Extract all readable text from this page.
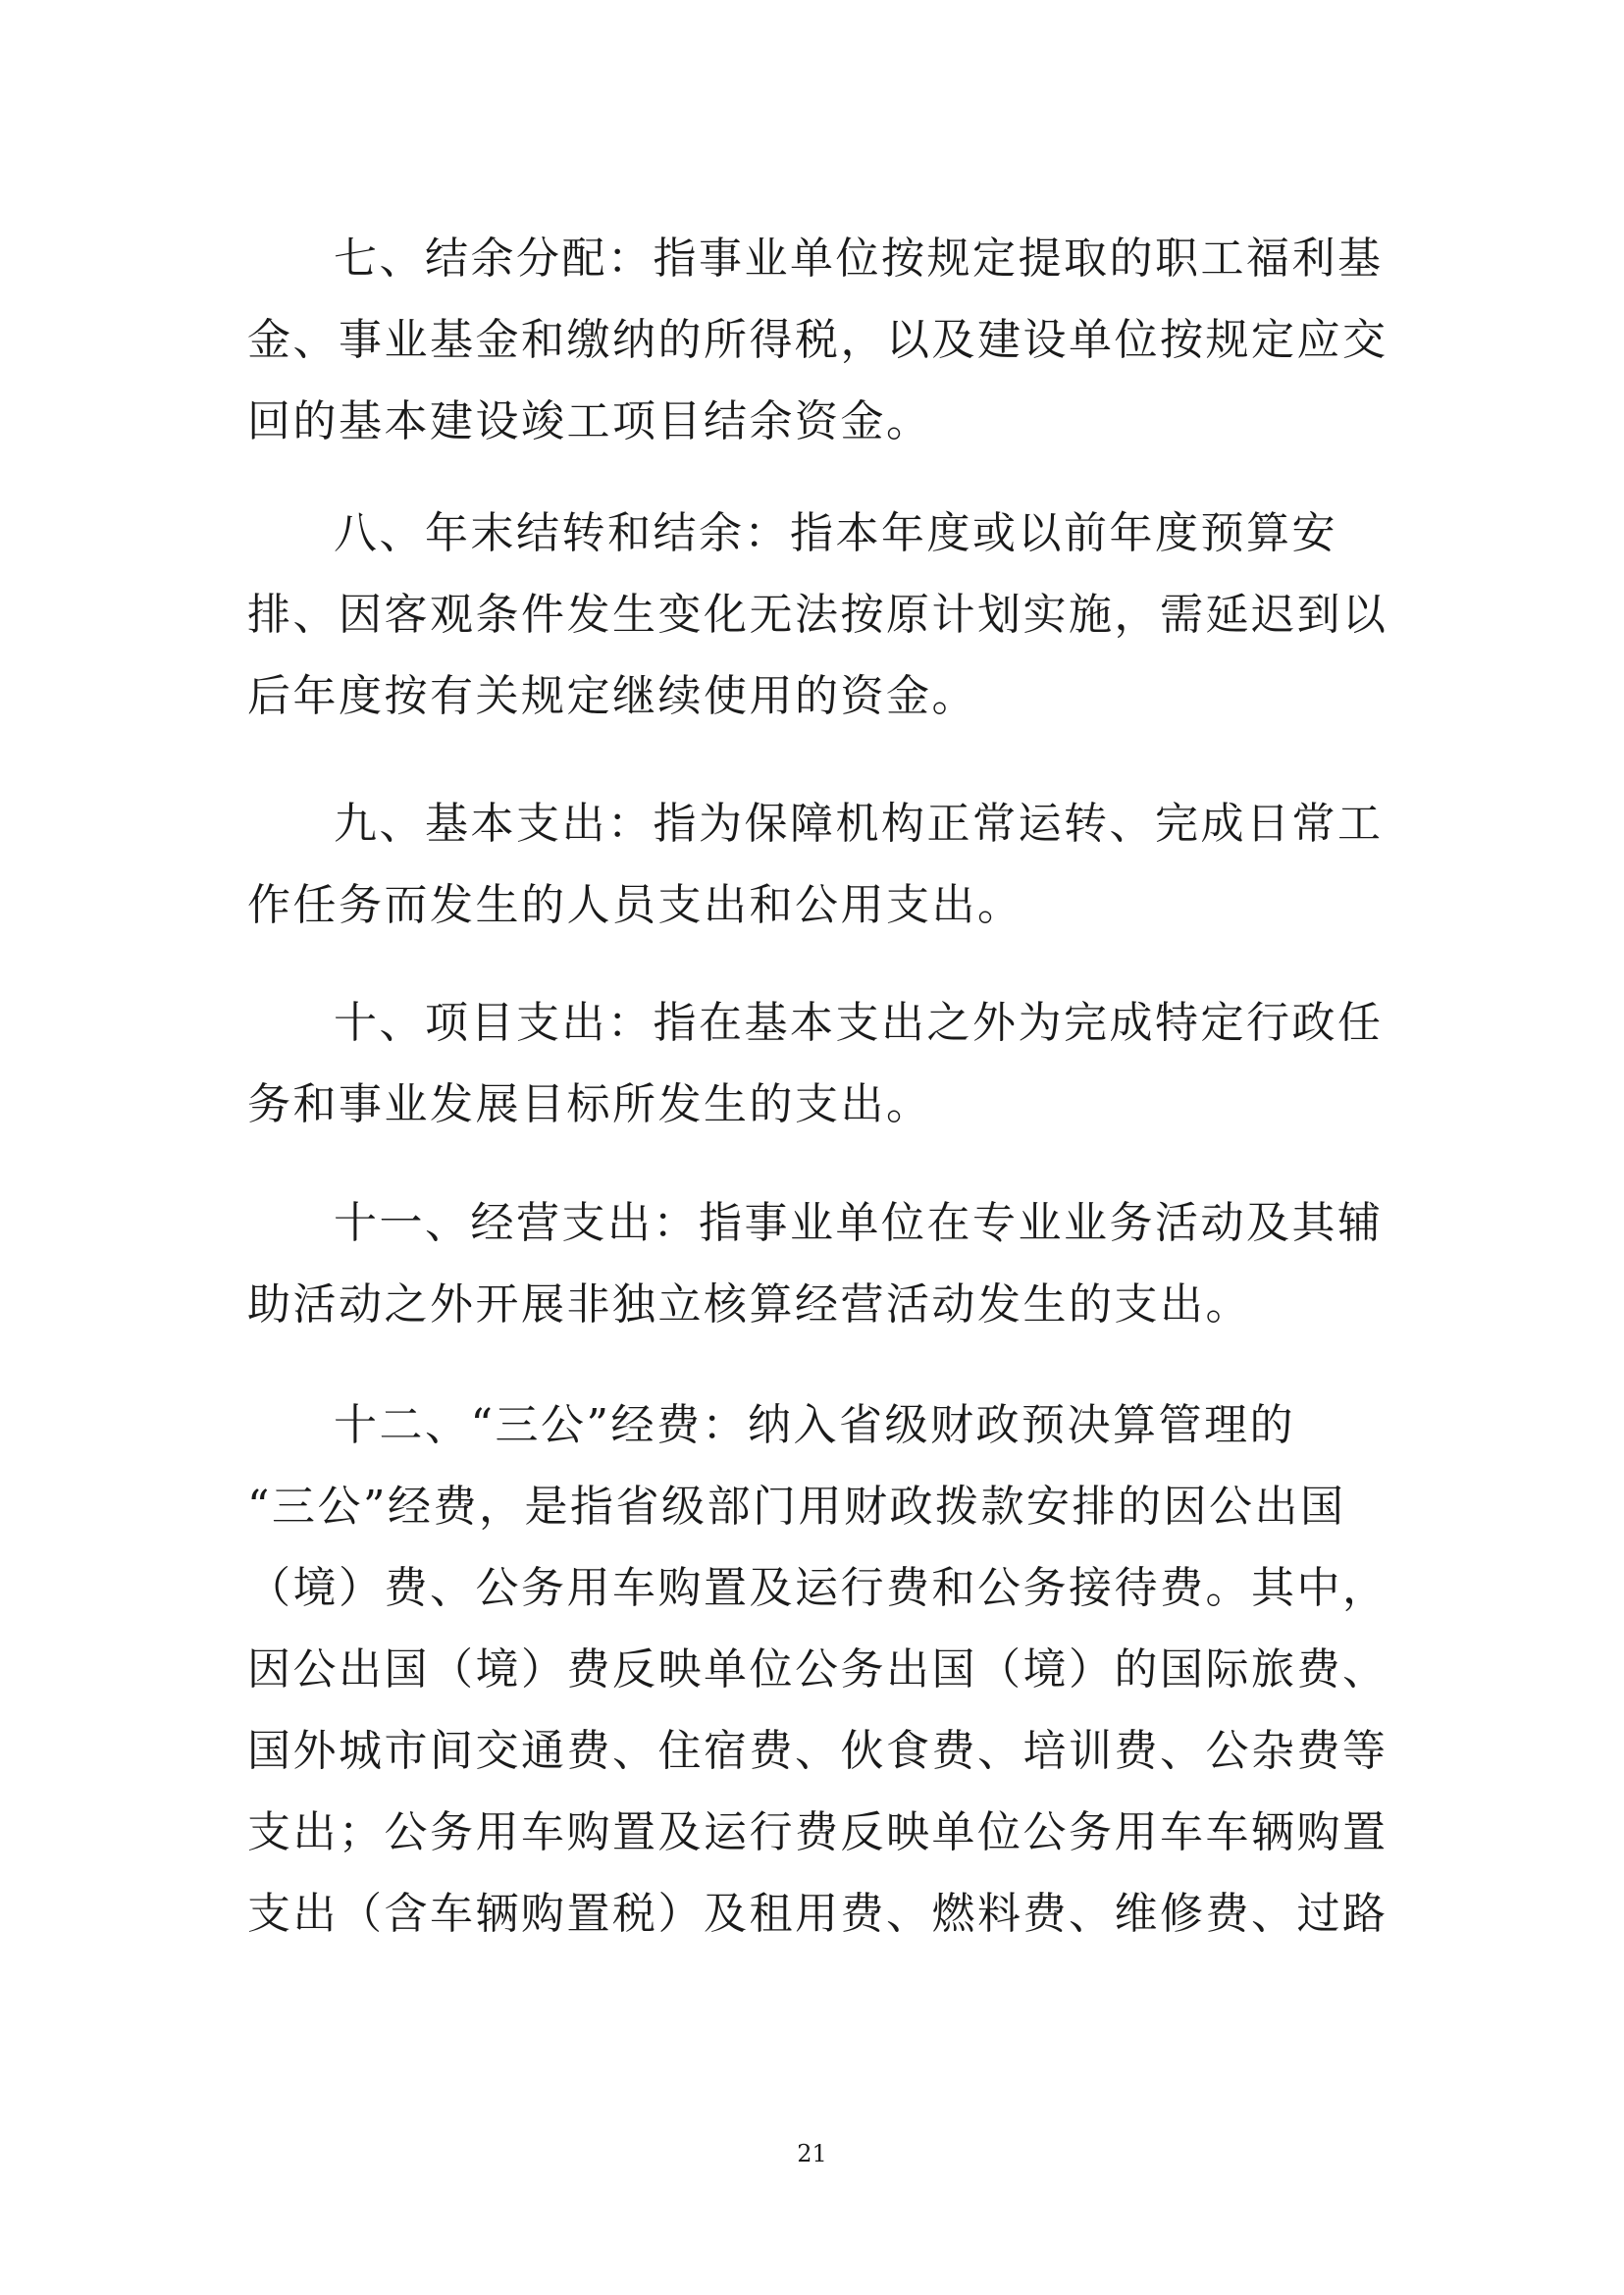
七、结余分配：指事业单位按规定提取的职工福利基
金、事业基金和缴纳的所得税，以及建设单位按规定应交
回的基本建设竣工项目结余资金。
八、年末结转和结余：指本年度或以前年度预算安
排、因客观条件发生变化无法按原计划实施，需延迟到以
后年度按有关规定继续使用的资金。
九、基本支出：指为保障机构正常运转、完成日常工
作任务而发生的人员支出和公用支出。
十、项目支出：指在基本支出之外为完成特定行政任
务和事业发展目标所发生的支出。
十一、经营支出：指事业单位在专业业务活动及其辅
助活动之外开展非独立核算经营活动发生的支出。
十二、“三公”经费：纳入省级财政预决算管理的
“三公”经费，是指省级部门用财政拨款安排的因公出国
（境）费、公务用车购置及运行费和公务接待费。其中，
因公出国（境）费反映单位公务出国（境）的国际旅费、
国外城市间交通费、住宿费、伙食费、培训费、公杂费等
支出；公务用车购置及运行费反映单位公务用车车辆购置
支出（含车辆购置税）及租用费、燃料费、维修费、过路
21
